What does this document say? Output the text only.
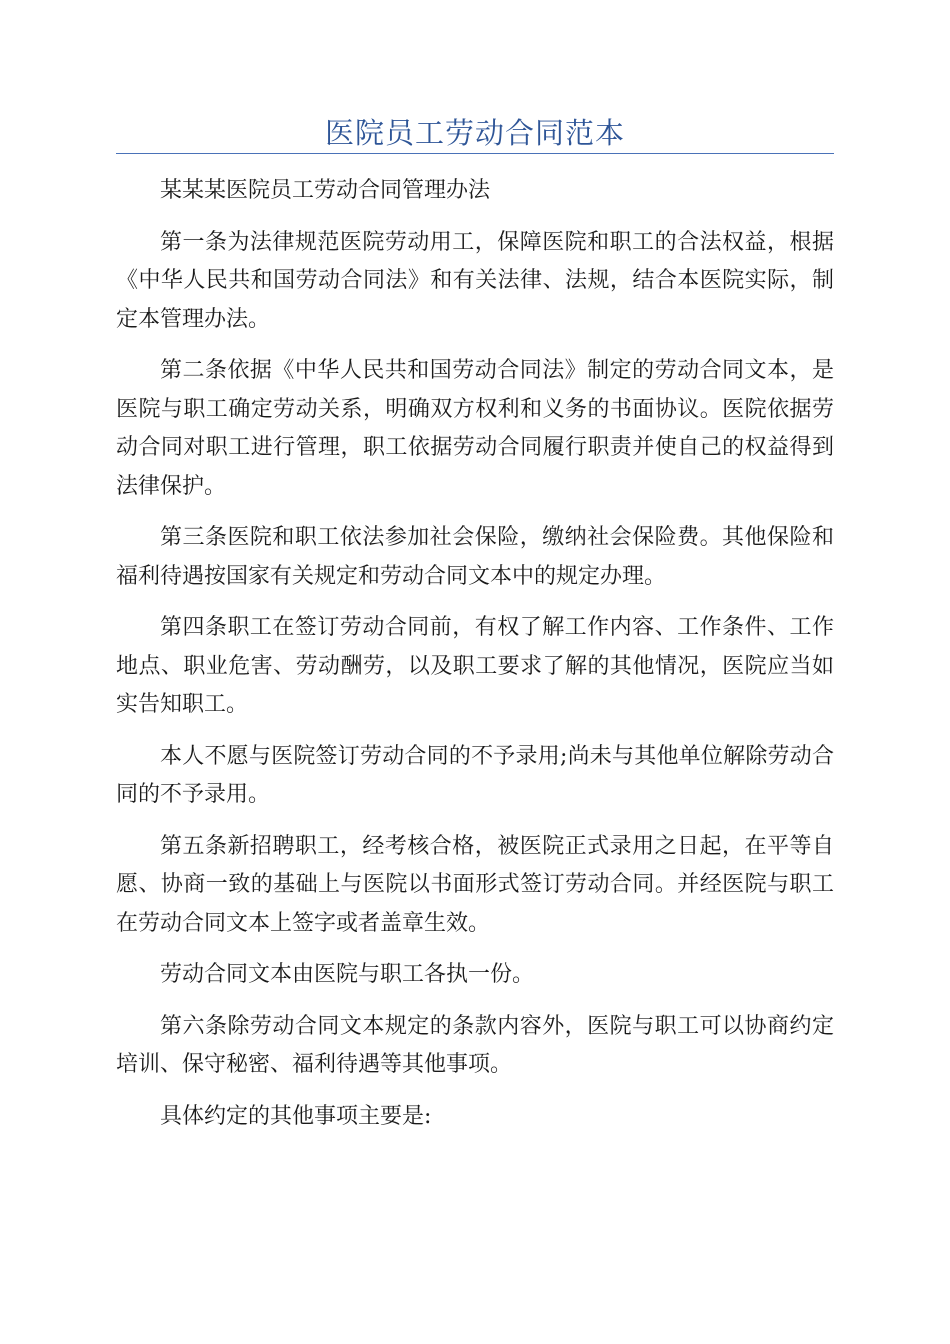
医院员工劳动合同范本

某某某医院员工劳动合同管理办法

第一条为法律规范医院劳动用工，保障医院和职工的合法权益，根据《中华人民共和国劳动合同法》和有关法律、法规，结合本医院实际，制定本管理办法。

第二条依据《中华人民共和国劳动合同法》制定的劳动合同文本，是医院与职工确定劳动关系，明确双方权利和义务的书面协议。医院依据劳动合同对职工进行管理，职工依据劳动合同履行职责并使自己的权益得到法律保护。

第三条医院和职工依法参加社会保险，缴纳社会保险费。其他保险和福利待遇按国家有关规定和劳动合同文本中的规定办理。

第四条职工在签订劳动合同前，有权了解工作内容、工作条件、工作地点、职业危害、劳动酬劳，以及职工要求了解的其他情况，医院应当如实告知职工。

本人不愿与医院签订劳动合同的不予录用;尚未与其他单位解除劳动合同的不予录用。

第五条新招聘职工，经考核合格，被医院正式录用之日起，在平等自愿、协商一致的基础上与医院以书面形式签订劳动合同。并经医院与职工在劳动合同文本上签字或者盖章生效。

劳动合同文本由医院与职工各执一份。

第六条除劳动合同文本规定的条款内容外，医院与职工可以协商约定培训、保守秘密、福利待遇等其他事项。

具体约定的其他事项主要是:
